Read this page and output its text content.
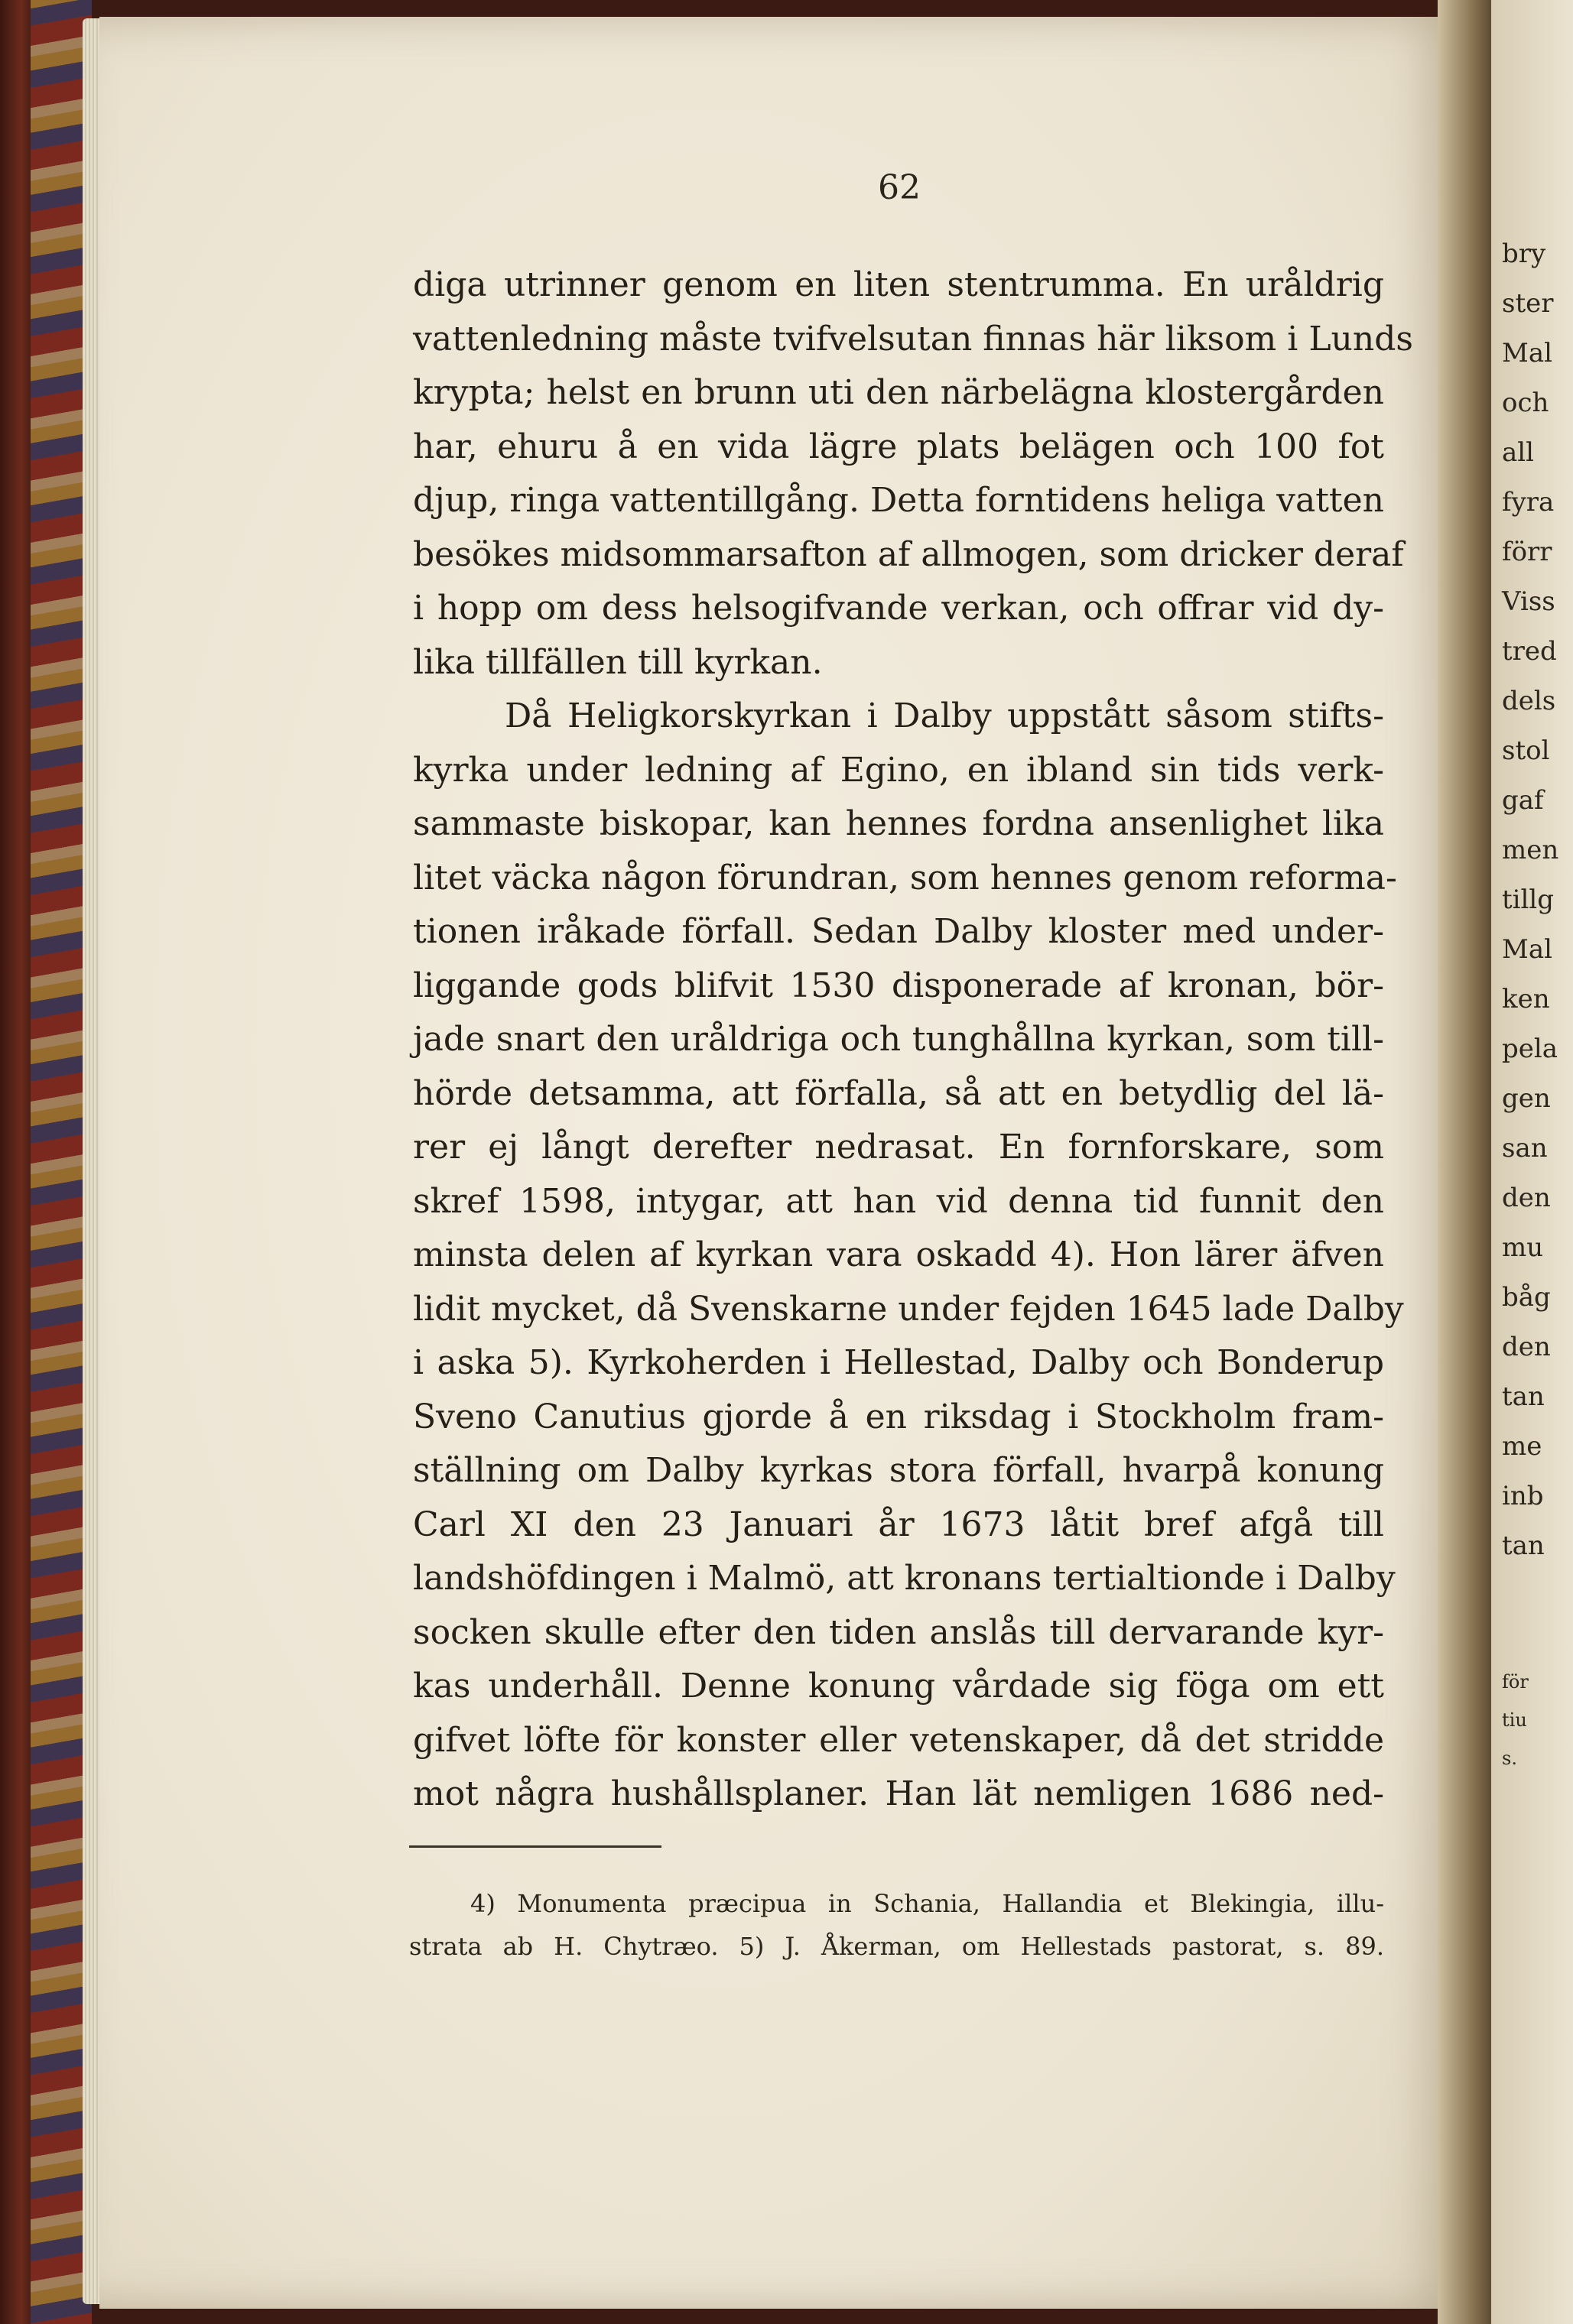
62
diga utrinner genom en liten stentrumma. En uråldrig
vattenledning måste tvifvelsutan finnas här liksom i Lunds
krypta; helst en brunn uti den närbelägna klostergården
har, ehuru å en vida lägre plats belägen och 100 fot
djup, ringa vattentillgång. Detta forntidens heliga vatten
besökes midsommarsafton af allmogen, som dricker deraf
i hopp om dess helsogifvande verkan, och offrar vid dy-
lika tillfällen till kyrkan.
Då Heligkorskyrkan i Dalby uppstått såsom stifts-
kyrka under ledning af Egino, en ibland sin tids verk-
sammaste biskopar, kan hennes fordna ansenlighet lika
litet väcka någon förundran, som hennes genom reforma-
tionen iråkade förfall. Sedan Dalby kloster med under-
liggande gods blifvit 1530 disponerade af kronan, bör-
jade snart den uråldriga och tunghållna kyrkan, som till-
hörde detsamma, att förfalla, så att en betydlig del lä-
rer ej långt derefter nedrasat. En fornforskare, som
skref 1598, intygar, att han vid denna tid funnit den
minsta delen af kyrkan vara oskadd 4). Hon lärer äfven
lidit mycket, då Svenskarne under fejden 1645 lade Dalby
i aska 5). Kyrkoherden i Hellestad, Dalby och Bonderup
Sveno Canutius gjorde å en riksdag i Stockholm fram-
ställning om Dalby kyrkas stora förfall, hvarpå konung
Carl XI den 23 Januari år 1673 låtit bref afgå till
landshöfdingen i Malmö, att kronans tertialtionde i Dalby
socken skulle efter den tiden anslås till dervarande kyr-
kas underhåll. Denne konung vårdade sig föga om ett
gifvet löfte för konster eller vetenskaper, då det stridde
mot några hushållsplaner. Han lät nemligen 1686 ned-
4) Monumenta præcipua in Schania, Hallandia et Blekingia, illu-
strata ab H. Chytræo. 5) J. Åkerman, om Hellestads pastorat, s. 89.
bry
ster
Mal
och
all
fyra
förr
Viss
tred
dels
stol
gaf
men
tillg
Mal
ken
pela
gen
san
den
mu
båg
den
tan
me
inb
tan
för
tiu
s.
